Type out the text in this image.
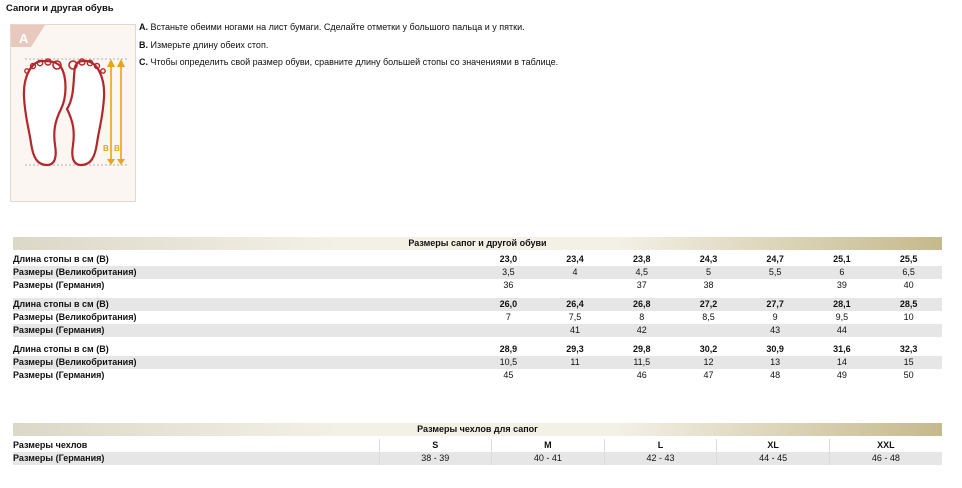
Сапоги и другая обувь
A
B B
A. Встаньте обеими ногами на лист бумаги. Сделайте отметки у большого пальца и у пятки.
B. Измерьте длину обеих стоп.
C. Чтобы определить свой размер обуви, сравните длину большей стопы со значениями в таблице.
Размеры сапог и другой обуви							

Длина стопы в см (B)	23,0	23,4	23,8	24,3	24,7	25,1	25,5
Размеры (Великобритания)	3,5	4	4,5	5	5,5	6	6,5
Размеры (Германия)	36		37	38		39	40

Длина стопы в см (B)	26,0	26,4	26,8	27,2	27,7	28,1	28,5
Размеры (Великобритания)	7	7,5	8	8,5	9	9,5	10
Размеры (Германия)		41	42		43	44	

Длина стопы в см (B)	28,9	29,3	29,8	30,2	30,9	31,6	32,3
Размеры (Великобритания)	10,5	11	11,5	12	13	14	15
Размеры (Германия)	45		46	47	48	49	50
Размеры чехлов для сапог					

Размеры чехлов	S	M	L	XL	XXL
Размеры (Германия)	38 - 39	40 - 41	42 - 43	44 - 45	46 - 48
